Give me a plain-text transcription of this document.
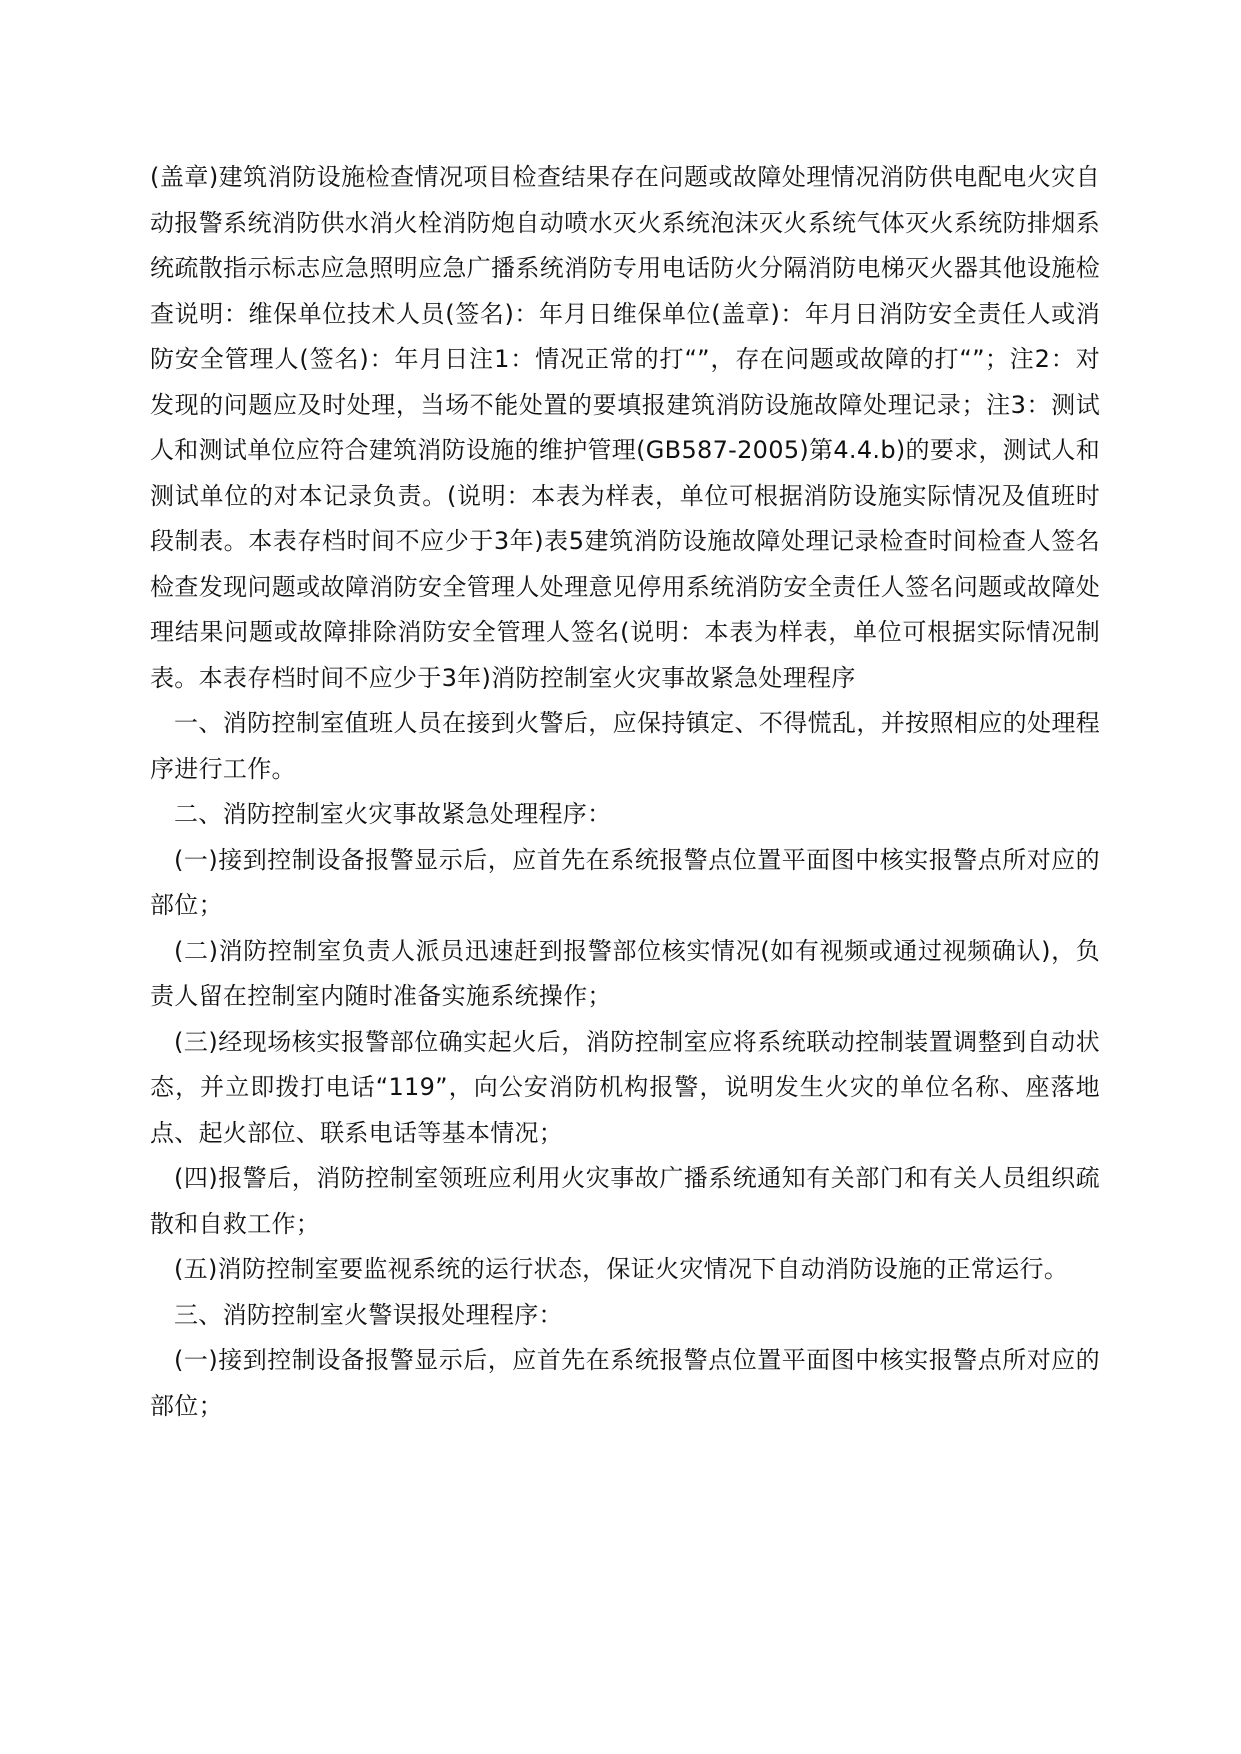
(盖章)建筑消防设施检查情况项目检查结果存在问题或故障处理情况消防供电配电火灾自动报警系统消防供水消火栓消防炮自动喷水灭火系统泡沫灭火系统气体灭火系统防排烟系统疏散指示标志应急照明应急广播系统消防专用电话防火分隔消防电梯灭火器其他设施检查说明：维保单位技术人员(签名)：年月日维保单位(盖章)：年月日消防安全责任人或消防安全管理人(签名)：年月日注1：情况正常的打“”，存在问题或故障的打“”；注2：对发现的问题应及时处理，当场不能处置的要填报建筑消防设施故障处理记录；注3：测试人和测试单位应符合建筑消防设施的维护管理(GB587-2005)第4.4.b)的要求，测试人和测试单位的对本记录负责。(说明：本表为样表，单位可根据消防设施实际情况及值班时段制表。本表存档时间不应少于3年)表5建筑消防设施故障处理记录检查时间检查人签名检查发现问题或故障消防安全管理人处理意见停用系统消防安全责任人签名问题或故障处理结果问题或故障排除消防安全管理人签名(说明：本表为样表，单位可根据实际情况制表。本表存档时间不应少于3年)消防控制室火灾事故紧急处理程序

一、消防控制室值班人员在接到火警后，应保持镇定、不得慌乱，并按照相应的处理程序进行工作。

二、消防控制室火灾事故紧急处理程序：

(一)接到控制设备报警显示后，应首先在系统报警点位置平面图中核实报警点所对应的部位；

(二)消防控制室负责人派员迅速赶到报警部位核实情况(如有视频或通过视频确认)，负责人留在控制室内随时准备实施系统操作；

(三)经现场核实报警部位确实起火后，消防控制室应将系统联动控制装置调整到自动状态，并立即拨打电话“119”，向公安消防机构报警，说明发生火灾的单位名称、座落地点、起火部位、联系电话等基本情况；

(四)报警后，消防控制室领班应利用火灾事故广播系统通知有关部门和有关人员组织疏散和自救工作；

(五)消防控制室要监视系统的运行状态，保证火灾情况下自动消防设施的正常运行。

三、消防控制室火警误报处理程序：

(一)接到控制设备报警显示后，应首先在系统报警点位置平面图中核实报警点所对应的部位；
